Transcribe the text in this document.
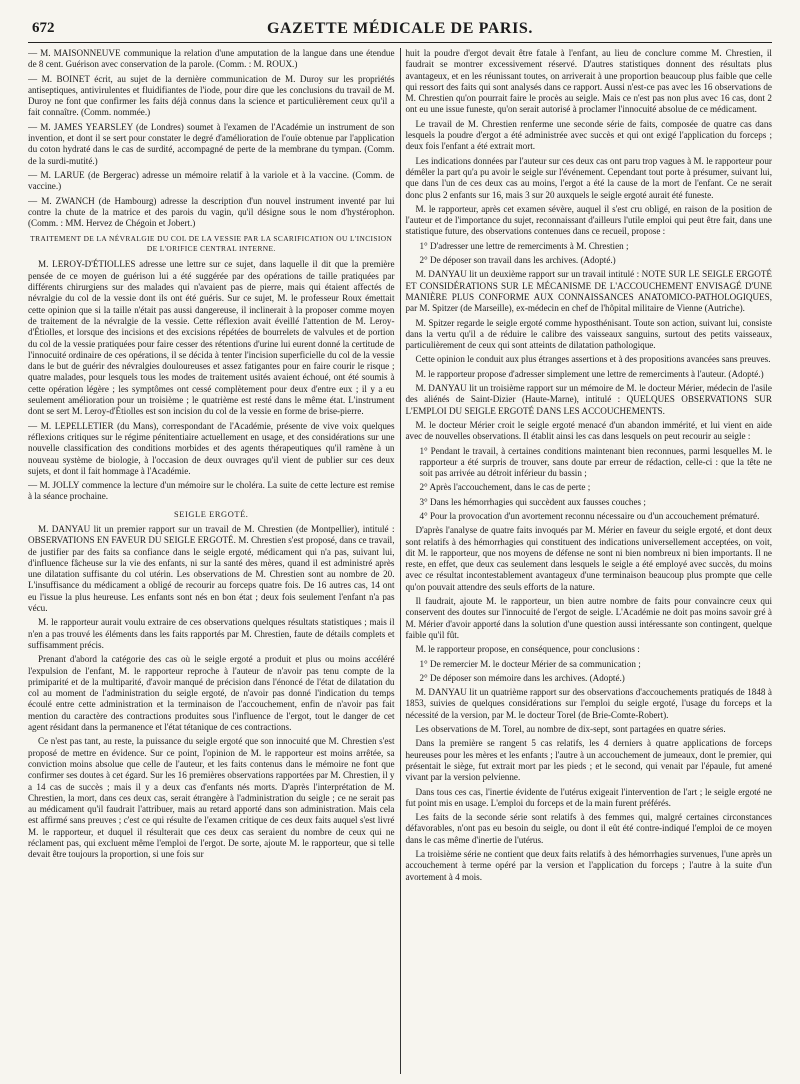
672	GAZETTE MÉDICALE DE PARIS.

— M. MAISONNEUVE communique la relation d'une amputation de la langue dans une étendue de 8 cent. Guérison avec conservation de la parole. (Comm. : M. ROUX.)

— M. BOINET écrit, au sujet de la dernière communication de M. Duroy sur les propriétés antiseptiques, antivirulentes et fluidifiantes de l'iode, pour dire que les conclusions du travail de M. Duroy ne font que confirmer les faits déjà connus dans la science et particulièrement ceux qu'il a fait connaître. (Comm. nommée.)

— M. JAMES YEARSLEY (de Londres) soumet à l'examen de l'Académie un instrument de son invention, et dont il se sert pour constater le degré d'amélioration de l'ouïe obtenue par l'application du coton hydraté dans le cas de surdité, accompagné de perte de la membrane du tympan. (Comm. de la surdi-mutité.)

— M. LARUE (de Bergerac) adresse un mémoire relatif à la variole et à la vaccine. (Comm. de vaccine.)

— M. ZWANCH (de Hambourg) adresse la description d'un nouvel instrument inventé par lui contre la chute de la matrice et des parois du vagin, qu'il désigne sous le nom d'hystérophon. (Comm. : MM. Hervez de Chégoin et Jobert.)

TRAITEMENT DE LA NÉVRALGIE DU COL DE LA VESSIE PAR LA SCARIFICATION OU L'INCISION DE L'ORIFICE CENTRAL INTERNE.

M. LEROY-D'ÉTIOLLES adresse une lettre sur ce sujet, dans laquelle il dit que la première pensée de ce moyen de guérison lui a été suggérée par des opérations de taille pratiquées par différents chirurgiens sur des malades qui n'avaient pas de pierre, mais qui étaient affectés de névralgie du col de la vessie dont ils ont été guéris. Sur ce sujet, M. le professeur Roux émettait cette opinion que si la taille n'était pas aussi dangereuse, il inclinerait à la proposer comme moyen de traitement de la névralgie de la vessie. Cette réflexion avait éveillé l'attention de M. Leroy-d'Étiolles, et lorsque des incisions et des excisions répétées de bourrelets de valvules et de portion du col de la vessie pratiquées pour faire cesser des rétentions d'urine lui eurent donné la certitude de l'innocuité ordinaire de ces opérations, il se décida à tenter l'incision superficielle du col de la vessie dans le but de guérir des névralgies douloureuses et assez fatigantes pour en faire courir le risque ; quatre malades, pour lesquels tous les modes de traitement usités avaient échoué, ont été soumis à cette opération légère ; les symptômes ont cessé complètement pour deux d'entre eux ; il y a eu seulement amélioration pour un troisième ; le quatrième est resté dans le même état. L'instrument dont se sert M. Leroy-d'Étiolles est son incision du col de la vessie en forme de brise-pierre.

— M. LEPELLETIER (du Mans), correspondant de l'Académie, présente de vive voix quelques réflexions critiques sur le régime pénitentiaire actuellement en usage, et des considérations sur une nouvelle classification des conditions morbides et des agents thérapeutiques qu'il ramène à un nouveau système de biologie, à l'occasion de deux ouvrages qu'il vient de publier sur ces deux sujets, et dont il fait hommage à l'Académie.

— M. JOLLY commence la lecture d'un mémoire sur le choléra. La suite de cette lecture est remise à la séance prochaine.

SEIGLE ERGOTÉ.

M. DANYAU lit un premier rapport sur un travail de M. Chrestien (de Montpellier), intitulé : OBSERVATIONS EN FAVEUR DU SEIGLE ERGOTÉ. M. Chrestien s'est proposé, dans ce travail, de justifier par des faits sa confiance dans le seigle ergoté, médicament qui n'a pas, suivant lui, d'influence fâcheuse sur la vie des enfants, ni sur la santé des mères, quand il est administré après une dilatation suffisante du col utérin. Les observations de M. Chrestien sont au nombre de 20. L'insuffisance du médicament a obligé de recourir au forceps quatre fois. De 16 autres cas, 14 ont eu l'issue la plus heureuse. Les enfants sont nés en bon état ; deux fois seulement l'enfant n'a pas vécu.

M. le rapporteur aurait voulu extraire de ces observations quelques résultats statistiques ; mais il n'en a pas trouvé les éléments dans les faits rapportés par M. Chrestien, faute de détails complets et suffisamment précis.

Prenant d'abord la catégorie des cas où le seigle ergoté a produit et plus ou moins accéléré l'expulsion de l'enfant, M. le rapporteur reproche à l'auteur de n'avoir pas tenu compte de la primiparité et de la multiparité, d'avoir manqué de précision dans l'énoncé de l'état de dilatation du col au moment de l'administration du seigle ergoté, de n'avoir pas donné l'indication du temps écoulé entre cette administration et la terminaison de l'accouchement, enfin de n'avoir pas fait mention du caractère des contractions produites sous l'influence de l'ergot, tout le danger de cet agent résidant dans la permanence et l'état tétanique de ces contractions.

Ce n'est pas tant, au reste, la puissance du seigle ergoté que son innocuité que M. Chrestien s'est proposé de mettre en évidence. Sur ce point, l'opinion de M. le rapporteur est moins arrêtée, sa conviction moins absolue que celle de l'auteur, et les faits contenus dans le mémoire ne font que confirmer ses doutes à cet égard. Sur les 16 premières observations rapportées par M. Chrestien, il y a 14 cas de succès ; mais il y a deux cas d'enfants nés morts. D'après l'interprétation de M. Chrestien, la mort, dans ces deux cas, serait étrangère à l'administration du seigle ; ce ne serait pas au médicament qu'il faudrait l'attribuer, mais au retard apporté dans son administration. Mais cela est affirmé sans preuves ; c'est ce qui résulte de l'examen critique de ces deux faits auquel s'est livré M. le rapporteur, et duquel il résulterait que ces deux cas seraient du nombre de ceux qui ne réclament pas, qui excluent même l'emploi de l'ergot. De sorte, ajoute M. le rapporteur, que si telle devait être toujours la proportion, si une fois sur

huit la poudre d'ergot devait être fatale à l'enfant, au lieu de conclure comme M. Chrestien, il faudrait se montrer excessivement réservé. D'autres statistiques donnent des résultats plus avantageux, et en les réunissant toutes, on arriverait à une proportion beaucoup plus faible que celle qui ressort des faits qui sont analysés dans ce rapport. Aussi n'est-ce pas avec les 16 observations de M. Chrestien qu'on pourrait faire le procès au seigle. Mais ce n'est pas non plus avec 16 cas, dont 2 ont eu une issue funeste, qu'on serait autorisé à proclamer l'innocuité absolue de ce médicament.

Le travail de M. Chrestien renferme une seconde série de faits, composée de quatre cas dans lesquels la poudre d'ergot a été administrée avec succès et qui ont exigé l'application du forceps ; deux fois l'enfant a été extrait mort.

Les indications données par l'auteur sur ces deux cas ont paru trop vagues à M. le rapporteur pour démêler la part qu'a pu avoir le seigle sur l'événement. Cependant tout porte à présumer, suivant lui, que dans l'un de ces deux cas au moins, l'ergot a été la cause de la mort de l'enfant. Ce ne serait donc plus 2 enfants sur 16, mais 3 sur 20 auxquels le seigle ergoté aurait été funeste.

M. le rapporteur, après cet examen sévère, auquel il s'est cru obligé, en raison de la position de l'auteur et de l'importance du sujet, reconnaissant d'ailleurs l'utile emploi qui peut être fait, dans une statistique future, des observations contenues dans ce recueil, propose :

1° D'adresser une lettre de remerciments à M. Chrestien ;

2° De déposer son travail dans les archives. (Adopté.)

M. DANYAU lit un deuxième rapport sur un travail intitulé : NOTE SUR LE SEIGLE ERGOTÉ ET CONSIDÉRATIONS SUR LE MÉCANISME DE L'ACCOUCHEMENT ENVISAGÉ D'UNE MANIÈRE PLUS CONFORME AUX CONNAISSANCES ANATOMICO-PATHOLOGIQUES, par M. Spitzer (de Marseille), ex-médecin en chef de l'hôpital militaire de Vienne (Autriche).

M. Spitzer regarde le seigle ergoté comme hyposthénisant. Toute son action, suivant lui, consiste dans la vertu qu'il a de réduire le calibre des vaisseaux sanguins, surtout des petits vaisseaux, particulièrement de ceux qui sont atteints de dilatation pathologique.

Cette opinion le conduit aux plus étranges assertions et à des propositions avancées sans preuves.

M. le rapporteur propose d'adresser simplement une lettre de remerciments à l'auteur. (Adopté.)

M. DANYAU lit un troisième rapport sur un mémoire de M. le docteur Mérier, médecin de l'asile des aliénés de Saint-Dizier (Haute-Marne), intitulé : QUELQUES OBSERVATIONS SUR L'EMPLOI DU SEIGLE ERGOTÉ DANS LES ACCOUCHEMENTS.

M. le docteur Mérier croit le seigle ergoté menacé d'un abandon immérité, et lui vient en aide avec de nouvelles observations. Il établit ainsi les cas dans lesquels on peut recourir au seigle :

1° Pendant le travail, à certaines conditions maintenant bien reconnues, parmi lesquelles M. le rapporteur a été surpris de trouver, sans doute par erreur de rédaction, celle-ci : que la tête ne soit pas arrivée au détroit inférieur du bassin ;

2° Après l'accouchement, dans le cas de perte ;

3° Dans les hémorrhagies qui succèdent aux fausses couches ;

4° Pour la provocation d'un avortement reconnu nécessaire ou d'un accouchement prématuré.

D'après l'analyse de quatre faits invoqués par M. Mérier en faveur du seigle ergoté, et dont deux sont relatifs à des hémorrhagies qui constituent des indications universellement acceptées, on voit, dit M. le rapporteur, que nos moyens de défense ne sont ni bien nombreux ni bien importants. Il ne reste, en effet, que deux cas seulement dans lesquels le seigle a été employé avec succès, du moins avec ce résultat incontestablement avantageux d'une terminaison beaucoup plus prompte que celle qu'on pouvait attendre des seuls efforts de la nature.

Il faudrait, ajoute M. le rapporteur, un bien autre nombre de faits pour convaincre ceux qui conservent des doutes sur l'innocuité de l'ergot de seigle. L'Académie ne doit pas moins savoir gré à M. Mérier d'avoir apporté dans la solution d'une question aussi intéressante son contingent, quelque faible qu'il fût.

M. le rapporteur propose, en conséquence, pour conclusions :

1° De remercier M. le docteur Mérier de sa communication ;

2° De déposer son mémoire dans les archives. (Adopté.)

M. DANYAU lit un quatrième rapport sur des observations d'accouchements pratiqués de 1848 à 1853, suivies de quelques considérations sur l'emploi du seigle ergoté, l'usage du forceps et la nécessité de la version, par M. le docteur Torel (de Brie-Comte-Robert).

Les observations de M. Torel, au nombre de dix-sept, sont partagées en quatre séries.

Dans la première se rangent 5 cas relatifs, les 4 derniers à quatre applications de forceps heureuses pour les mères et les enfants ; l'autre à un accouchement de jumeaux, dont le premier, qui présentait le siège, fut extrait mort par les pieds ; et le second, qui venait par l'épaule, fut amené vivant par la version pelvienne.

Dans tous ces cas, l'inertie évidente de l'utérus exigeait l'intervention de l'art ; le seigle ergoté ne fut point mis en usage. L'emploi du forceps et de la main furent préférés.

Les faits de la seconde série sont relatifs à des femmes qui, malgré certaines circonstances défavorables, n'ont pas eu besoin du seigle, ou dont il eût été contre-indiqué l'emploi de ce moyen dans le cas même d'inertie de l'utérus.

La troisième série ne contient que deux faits relatifs à des hémorrhagies survenues, l'une après un accouchement à terme opéré par la version et l'application du forceps ; l'autre à la suite d'un avortement à 4 mois.
